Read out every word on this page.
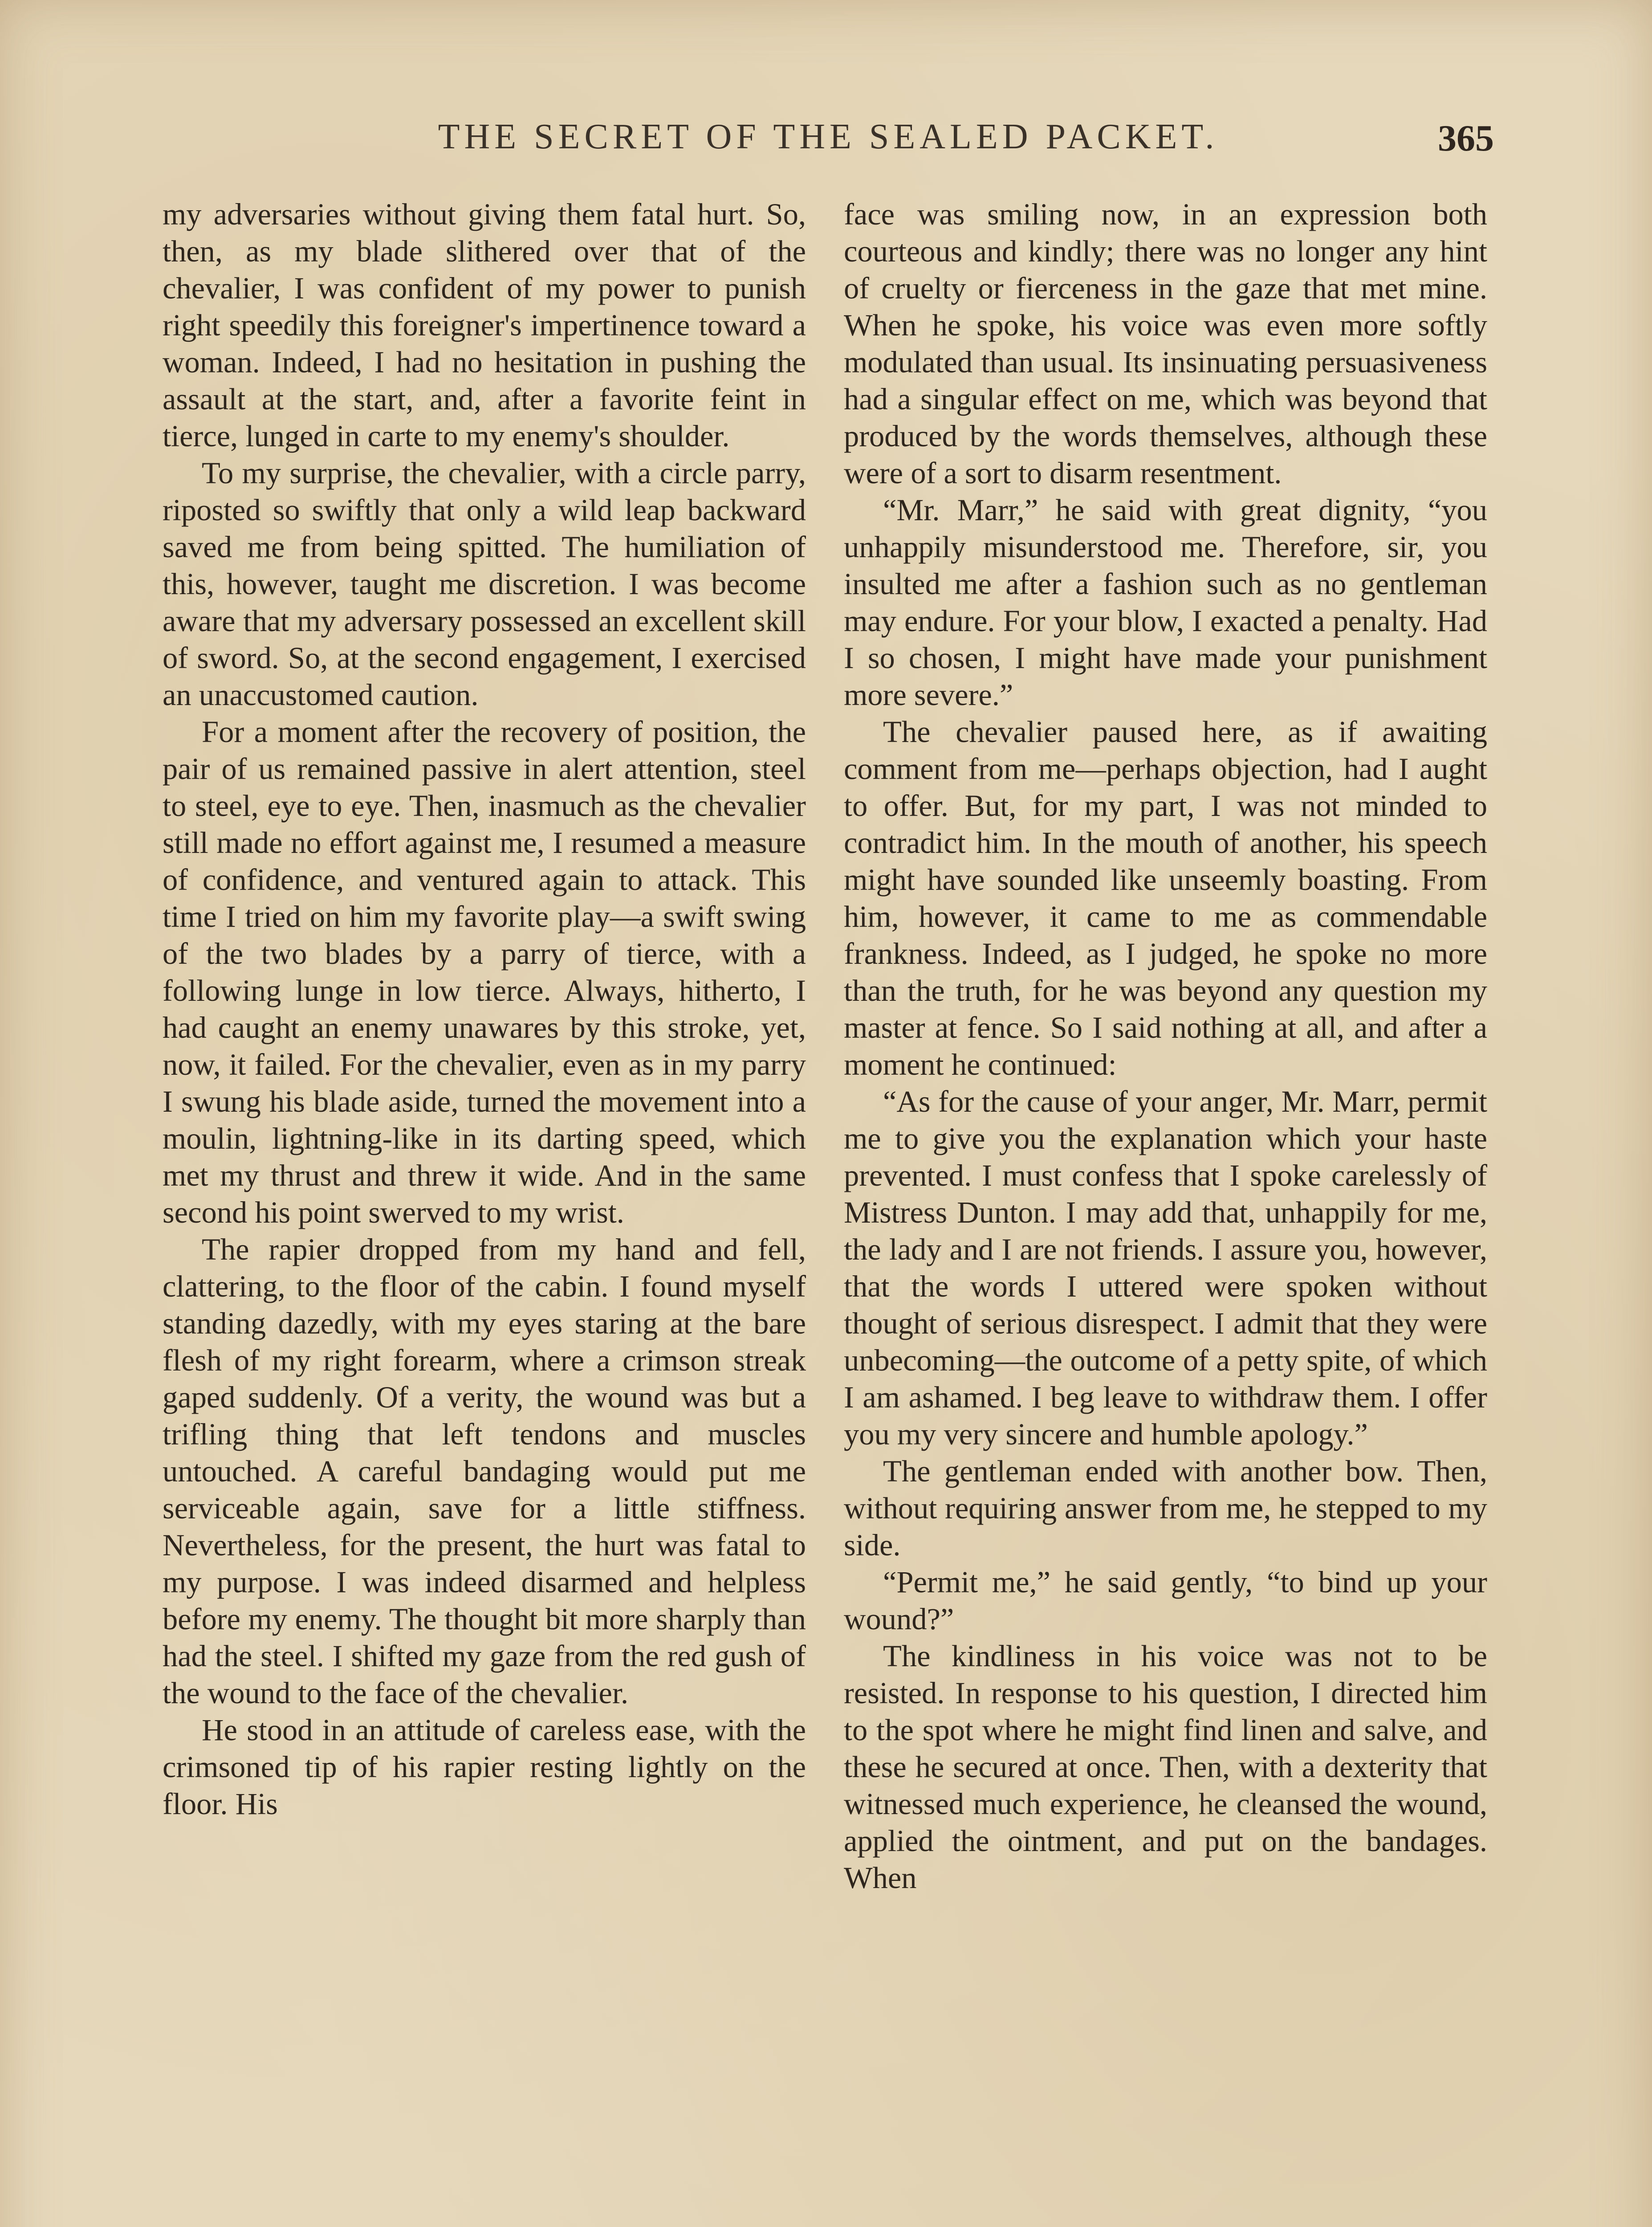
THE SECRET OF THE SEALED PACKET.	365

my adversaries without giving them fatal hurt. So, then, as my blade slithered over that of the chevalier, I was confident of my power to punish right speedily this foreigner's impertinence toward a woman. Indeed, I had no hesitation in pushing the assault at the start, and, after a favorite feint in tierce, lunged in carte to my enemy's shoulder.

To my surprise, the chevalier, with a circle parry, riposted so swiftly that only a wild leap backward saved me from being spitted. The humiliation of this, however, taught me discretion. I was become aware that my adversary possessed an excellent skill of sword. So, at the second engagement, I exercised an unaccustomed caution.

For a moment after the recovery of position, the pair of us remained passive in alert attention, steel to steel, eye to eye. Then, inasmuch as the chevalier still made no effort against me, I resumed a measure of confidence, and ventured again to attack. This time I tried on him my favorite play—a swift swing of the two blades by a parry of tierce, with a following lunge in low tierce. Always, hitherto, I had caught an enemy unawares by this stroke, yet, now, it failed. For the chevalier, even as in my parry I swung his blade aside, turned the movement into a moulin, lightning-like in its darting speed, which met my thrust and threw it wide. And in the same second his point swerved to my wrist.

The rapier dropped from my hand and fell, clattering, to the floor of the cabin. I found myself standing dazedly, with my eyes staring at the bare flesh of my right forearm, where a crimson streak gaped suddenly. Of a verity, the wound was but a trifling thing that left tendons and muscles untouched. A careful bandaging would put me serviceable again, save for a little stiffness. Nevertheless, for the present, the hurt was fatal to my purpose. I was indeed disarmed and helpless before my enemy. The thought bit more sharply than had the steel. I shifted my gaze from the red gush of the wound to the face of the chevalier.

He stood in an attitude of careless ease, with the crimsoned tip of his rapier resting lightly on the floor. His

face was smiling now, in an expression both courteous and kindly; there was no longer any hint of cruelty or fierceness in the gaze that met mine. When he spoke, his voice was even more softly modulated than usual. Its insinuating persuasiveness had a singular effect on me, which was beyond that produced by the words themselves, although these were of a sort to disarm resentment.

“Mr. Marr,” he said with great dignity, “you unhappily misunderstood me. Therefore, sir, you insulted me after a fashion such as no gentleman may endure. For your blow, I exacted a penalty. Had I so chosen, I might have made your punishment more severe.”

The chevalier paused here, as if awaiting comment from me—perhaps objection, had I aught to offer. But, for my part, I was not minded to contradict him. In the mouth of another, his speech might have sounded like unseemly boasting. From him, however, it came to me as commendable frankness. Indeed, as I judged, he spoke no more than the truth, for he was beyond any question my master at fence. So I said nothing at all, and after a moment he continued:

“As for the cause of your anger, Mr. Marr, permit me to give you the explanation which your haste prevented. I must confess that I spoke carelessly of Mistress Dunton. I may add that, unhappily for me, the lady and I are not friends. I assure you, however, that the words I uttered were spoken without thought of serious disrespect. I admit that they were unbecoming—the outcome of a petty spite, of which I am ashamed. I beg leave to withdraw them. I offer you my very sincere and humble apology.”

The gentleman ended with another bow. Then, without requiring answer from me, he stepped to my side.

“Permit me,” he said gently, “to bind up your wound?”

The kindliness in his voice was not to be resisted. In response to his question, I directed him to the spot where he might find linen and salve, and these he secured at once. Then, with a dexterity that witnessed much experience, he cleansed the wound, applied the ointment, and put on the bandages. When
